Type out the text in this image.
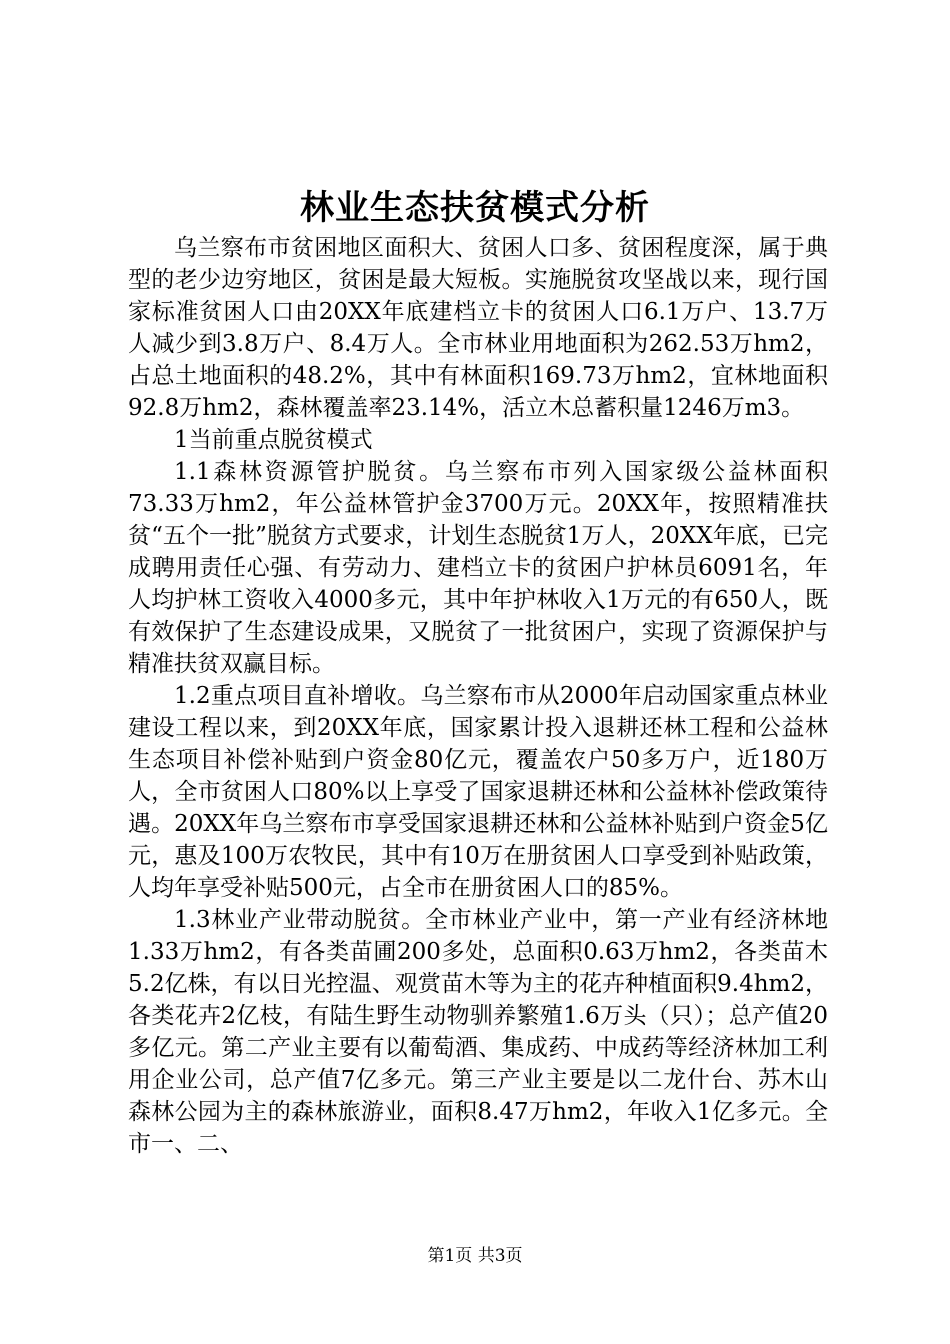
林业生态扶贫模式分析

乌兰察布市贫困地区面积大、贫困人口多、贫困程度深，属于典型的老少边穷地区，贫困是最大短板。实施脱贫攻坚战以来，现行国家标准贫困人口由20XX年底建档立卡的贫困人口6.1万户、13.7万人减少到3.8万户、8.4万人。全市林业用地面积为262.53万hm2，占总土地面积的48.2%，其中有林面积169.73万hm2，宜林地面积92.8万hm2，森林覆盖率23.14%，活立木总蓄积量1246万m3。

1当前重点脱贫模式

1.1森林资源管护脱贫。乌兰察布市列入国家级公益林面积73.33万hm2，年公益林管护金3700万元。20XX年，按照精准扶贫“五个一批”脱贫方式要求，计划生态脱贫1万人，20XX年底，已完成聘用责任心强、有劳动力、建档立卡的贫困户护林员6091名，年人均护林工资收入4000多元，其中年护林收入1万元的有650人，既有效保护了生态建设成果，又脱贫了一批贫困户，实现了资源保护与精准扶贫双赢目标。

1.2重点项目直补增收。乌兰察布市从2000年启动国家重点林业建设工程以来，到20XX年底，国家累计投入退耕还林工程和公益林生态项目补偿补贴到户资金80亿元，覆盖农户50多万户，近180万人，全市贫困人口80%以上享受了国家退耕还林和公益林补偿政策待遇。20XX年乌兰察布市享受国家退耕还林和公益林补贴到户资金5亿元，惠及100万农牧民，其中有10万在册贫困人口享受到补贴政策，人均年享受补贴500元，占全市在册贫困人口的85%。

1.3林业产业带动脱贫。全市林业产业中，第一产业有经济林地1.33万hm2，有各类苗圃200多处，总面积0.63万hm2，各类苗木5.2亿株，有以日光控温、观赏苗木等为主的花卉种植面积9.4hm2，各类花卉2亿枝，有陆生野生动物驯养繁殖1.6万头（只）；总产值20多亿元。第二产业主要有以葡萄酒、集成药、中成药等经济林加工利用企业公司，总产值7亿多元。第三产业主要是以二龙什台、苏木山森林公园为主的森林旅游业，面积8.47万hm2，年收入1亿多元。全市一、二、

第1页 共3页
